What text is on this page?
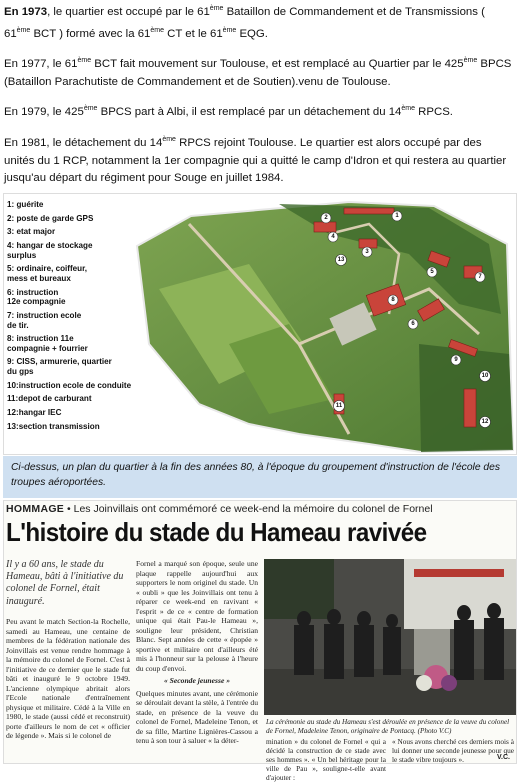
En 1973, le quartier est occupé par le 61ème Bataillon de Commandement et de Transmissions ( 61ème BCT ) formé avec la 61ème CT et le 61ème EQG.

En 1977, le 61ème BCT fait mouvement sur Toulouse, et est remplacé au Quartier par le 425ème BPCS (Bataillon Parachutiste de Commandement et de Soutien).venu de Toulouse.

En 1979, le 425ème BPCS part à Albi, il est remplacé par un détachement du 14ème RPCS.

En 1981, le détachement du 14ème RPCS rejoint Toulouse. Le quartier est alors occupé par des unités du 1 RCP, notamment la 1er compagnie qui a quitté le camp d'Idron et qui restera au quartier jusqu'au départ du régiment pour Souge en juillet 1984.

1: guérite
2: poste de garde GPS
3: etat major
4: hangar de stockage
surplus
5: ordinaire, coiffeur,
mess et bureaux
6: instruction
12e compagnie
7: instruction ecole
de tir.
8: instruction 11e
compagnie + fourrier
9: CISS, armurerie, quartier
du gps
10:instruction ecole de conduite
11:depot de carburant
12:hangar IEC
13:section transmission
1
2
3
4
5
6
7
8
9
10
11
12
13
Ci-dessus, un plan du quartier à la fin des années 80, à l'époque du groupement d'instruction de l'école des troupes aéroportées.
HOMMAGE • Les Joinvillais ont commémoré ce week-end la mémoire du colonel de Fornel
L'histoire du stade du Hameau ravivée
Il y a 60 ans, le stade du Hameau, bâti à l'initiative du colonel de Fornel, était inauguré.
Peu avant le match Section-la Rochelle, samedi au Hameau, une centaine de membres de la fédération nationale des Joinvillais est venue rendre hommage à la mémoire du colonel de Fornel. C'est à l'initiative de ce dernier que le stade fut bâti et inauguré le 9 octobre 1949. L'ancienne olympique abritait alors l'Ecole nationale d'entraînement physique et militaire. Cédé à la Ville en 1980, le stade (aussi cédé et reconstruit) porte d'ailleurs le nom de cet « officier de légende ». Mais si le colonel de
Fornel a marqué son époque, seule une plaque rappelle aujourd'hui aux supporters le nom originel du stade. Un « oubli » que les Joinvillais ont tenu à réparer ce week-end en ravivant « l'esprit » de ce « centre de formation unique qui était Pau-le Hameau », souligne leur président, Christian Blanc. Sept années de cette « épopée » sportive et militaire ont d'ailleurs été mis à l'honneur sur la pelouse à l'heure du coup d'envoi.
« Seconde jeunesse »
Quelques minutes avant, une cérémonie se déroulait devant la stèle, à l'entrée du stade, en présence de la veuve du colonel de Fornel, Madeleine Tenon, et de sa fille, Martine Lignières-Cassou a tenu à son tour à saluer « la déter-
La cérémonie au stade du Hameau s'est déroulée en présence de la veuve du colonel de Fornel, Madeleine Tenon, originaire de Pontacq. (Photo V.C)
mination » du colonel de Fornel « qui a décidé la construction de ce stade avec ses hommes ». « Un bel héritage pour la ville de Pau », souligne-t-elle avant d'ajouter :
« Nous avons cherché ces derniers mois à lui donner une seconde jeunesse pour que le stade vibre toujours ».	V.C.
